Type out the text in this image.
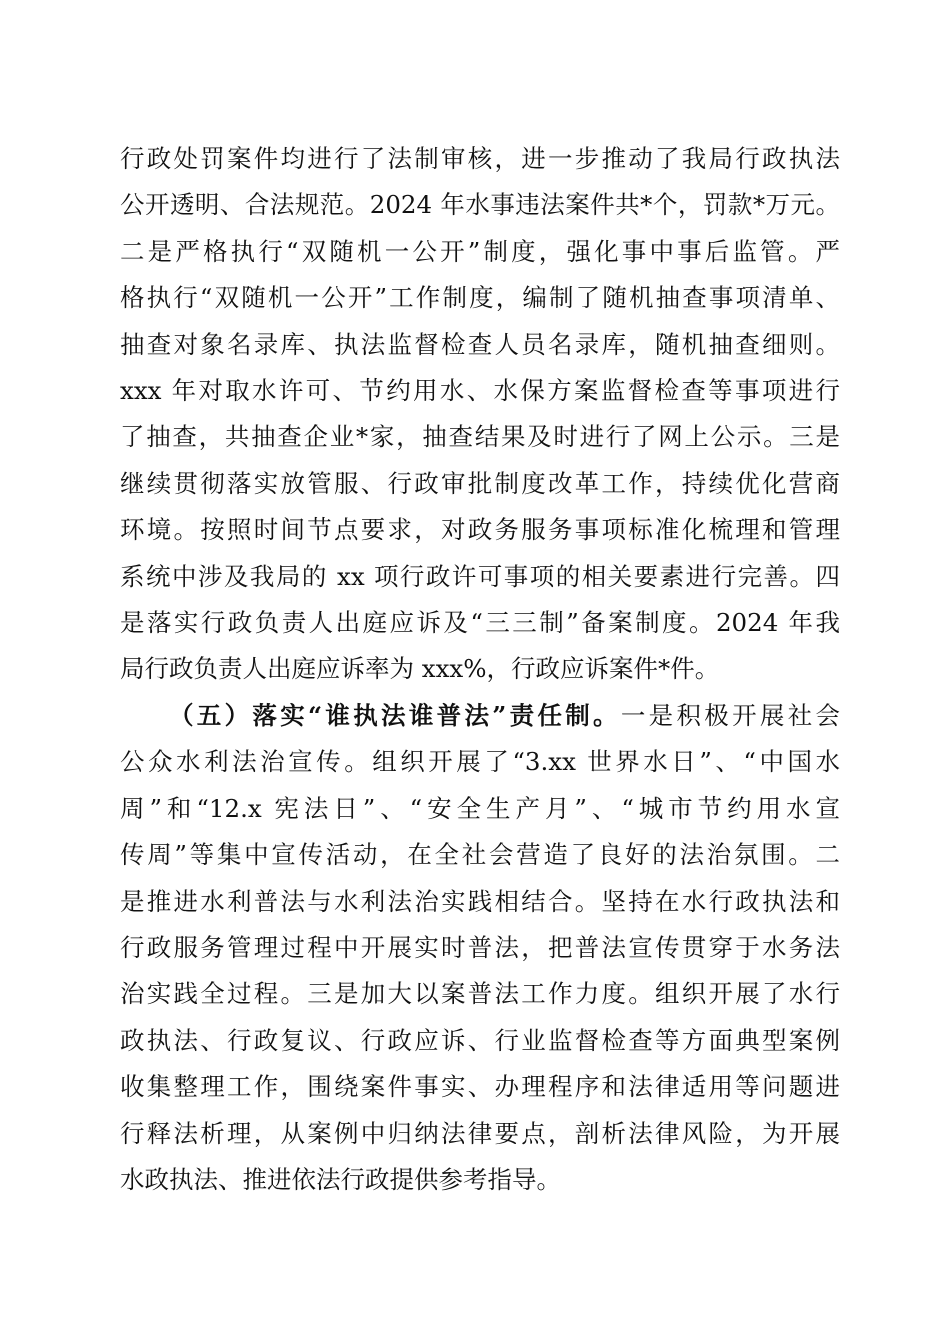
行政处罚案件均进行了法制审核，进一步推动了我局行政执法
公开透明、合法规范。2024 年水事违法案件共*个，罚款*万元。
二是严格执行“双随机一公开”制度，强化事中事后监管。严
格执行“双随机一公开”工作制度，编制了随机抽查事项清单、
抽查对象名录库、执法监督检查人员名录库，随机抽查细则。
xxx 年对取水许可、节约用水、水保方案监督检查等事项进行
了抽查，共抽查企业*家，抽查结果及时进行了网上公示。三是
继续贯彻落实放管服、行政审批制度改革工作，持续优化营商
环境。按照时间节点要求，对政务服务事项标准化梳理和管理
系统中涉及我局的 xx 项行政许可事项的相关要素进行完善。四
是落实行政负责人出庭应诉及“三三制”备案制度。2024 年我
局行政负责人出庭应诉率为 xxx%，行政应诉案件*件。
（五）落实“谁执法谁普法”责任制。一是积极开展社会
公众水利法治宣传。组织开展了“3.xx 世界水日”、“中国水
周”和“12.x 宪法日”、“安全生产月”、“城市节约用水宣
传周”等集中宣传活动，在全社会营造了良好的法治氛围。二
是推进水利普法与水利法治实践相结合。坚持在水行政执法和
行政服务管理过程中开展实时普法，把普法宣传贯穿于水务法
治实践全过程。三是加大以案普法工作力度。组织开展了水行
政执法、行政复议、行政应诉、行业监督检查等方面典型案例
收集整理工作，围绕案件事实、办理程序和法律适用等问题进
行释法析理，从案例中归纳法律要点，剖析法律风险，为开展
水政执法、推进依法行政提供参考指导。
